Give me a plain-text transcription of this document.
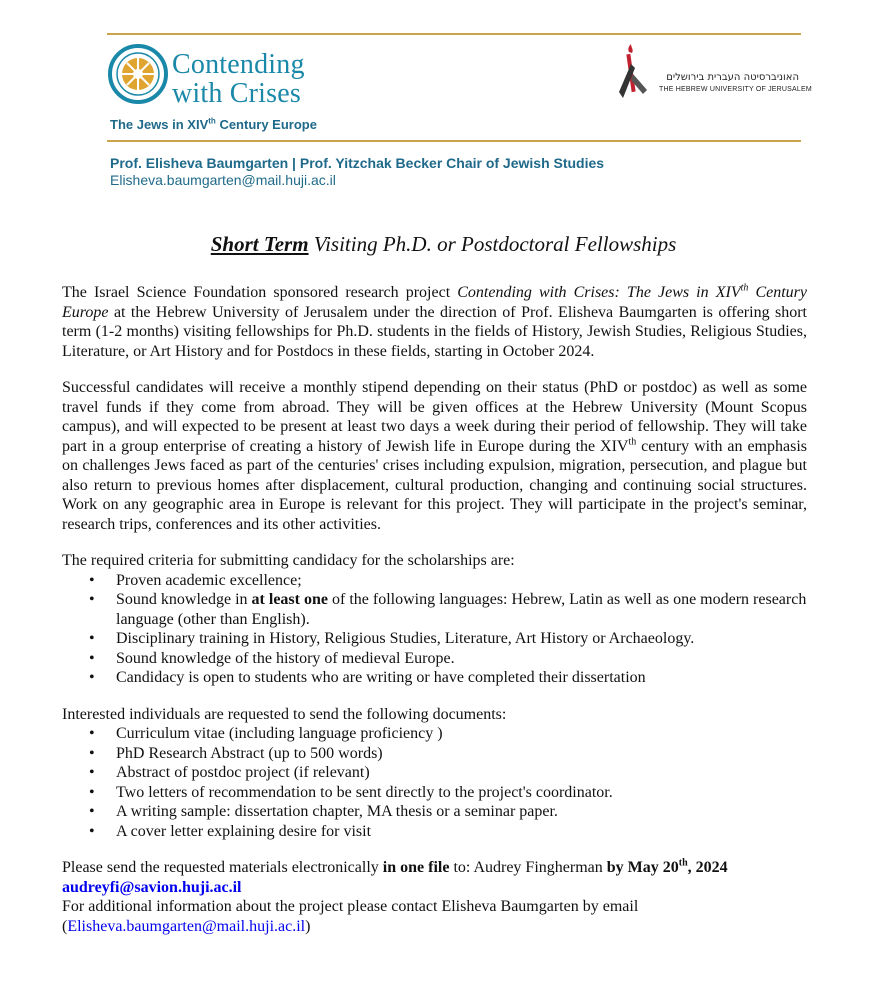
Contending
with Crises
The Jews in XIVth Century Europe
האוניברסיטה העברית בירושלים
THE HEBREW UNIVERSITY OF JERUSALEM
Prof. Elisheva Baumgarten | Prof. Yitzchak Becker Chair of Jewish Studies
Elisheva.baumgarten@mail.huji.ac.il
Short Term Visiting Ph.D. or Postdoctoral Fellowships

The Israel Science Foundation sponsored research project Contending with Crises: The Jews in XIVth Century Europe at the Hebrew University of Jerusalem under the direction of Prof. Elisheva Baumgarten is offering short term (1-2 months) visiting fellowships for Ph.D. students in the fields of History, Jewish Studies, Religious Studies, Literature, or Art History and for Postdocs in these fields, starting in October 2024.

Successful candidates will receive a monthly stipend depending on their status (PhD or postdoc) as well as some travel funds if they come from abroad. They will be given offices at the Hebrew University (Mount Scopus campus), and will expected to be present at least two days a week during their period of fellowship. They will take part in a group enterprise of creating a history of Jewish life in Europe during the XIVth century with an emphasis on challenges Jews faced as part of the centuries' crises including expulsion, migration, persecution, and plague but also return to previous homes after displacement, cultural production, changing and continuing social structures. Work on any geographic area in Europe is relevant for this project. They will participate in the project's seminar, research trips, conferences and its other activities.

The required criteria for submitting candidacy for the scholarships are:

• Proven academic excellence;
• Sound knowledge in at least one of the following languages: Hebrew, Latin as well as one modern research language (other than English).
• Disciplinary training in History, Religious Studies, Literature, Art History or Archaeology.
• Sound knowledge of the history of medieval Europe.
• Candidacy is open to students who are writing or have completed their dissertation

Interested individuals are requested to send the following documents:

• Curriculum vitae (including language proficiency )
• PhD Research Abstract (up to 500 words)
• Abstract of postdoc project (if relevant)
• Two letters of recommendation to be sent directly to the project's coordinator.
• A writing sample: dissertation chapter, MA thesis or a seminar paper.
• A cover letter explaining desire for visit

Please send the requested materials electronically in one file to: Audrey Fingherman by May 20th, 2024
audreyfi@savion.huji.ac.il

For additional information about the project please contact Elisheva Baumgarten by email
(Elisheva.baumgarten@mail.huji.ac.il)
